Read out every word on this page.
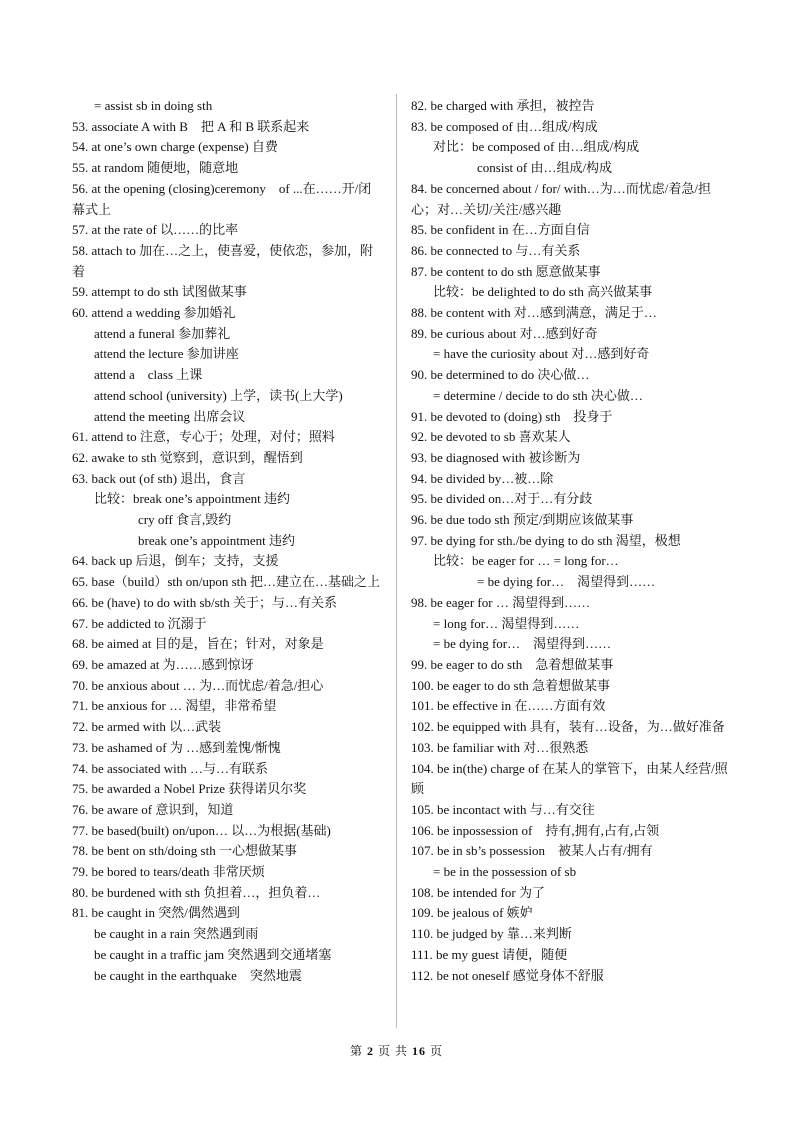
= assist sb in doing sth
53. associate A with B　把 A 和 B 联系起来
54. at one’s own charge (expense) 自费
55. at random 随便地，随意地
56. at the opening (closing)ceremony　of ...在……开/闭幕式上
57. at the rate of 以……的比率
58. attach to 加在…之上，使喜爱，使依恋，参加，附着
59. attempt to do sth 试图做某事
60. attend a wedding 参加婚礼
attend a funeral 参加葬礼
attend the lecture 参加讲座
attend a　class 上课
attend school (university) 上学，读书(上大学)
attend the meeting 出席会议
61. attend to 注意，专心于；处理，对付；照料
62. awake to sth 觉察到，意识到，醒悟到
63. back out (of sth) 退出，食言
比较：break one’s appointment 违约
cry off 食言,毁约
break one’s appointment 违约
64. back up 后退，倒车；支持，支援
65. base（build）sth on/upon sth 把…建立在…基础之上
66. be (have) to do with sb/sth 关于；与…有关系
67. be addicted to 沉溺于
68. be aimed at 目的是，旨在；针对，对象是
69. be amazed at 为……感到惊讶
70. be anxious about … 为…而忧虑/着急/担心
71. be anxious for … 渴望，非常希望
72. be armed with 以…武装
73. be ashamed of 为 …感到羞愧/惭愧
74. be associated with …与…有联系
75. be awarded a Nobel Prize 获得诺贝尔奖
76. be aware of 意识到，知道
77. be based(built) on/upon… 以…为根据(基础)
78. be bent on sth/doing sth 一心想做某事
79. be bored to tears/death 非常厌烦
80. be burdened with sth 负担着…，担负着…
81. be caught in 突然/偶然遇到
be caught in a rain 突然遇到雨
be caught in a traffic jam 突然遇到交通堵塞
be caught in the earthquake　突然地震
82. be charged with 承担，被控告
83. be composed of 由…组成/构成
对比：be composed of 由…组成/构成
consist of 由…组成/构成
84. be concerned about / for/ with…为…而忧虑/着急/担心；对…关切/关注/感兴趣
85. be confident in 在…方面自信
86. be connected to 与…有关系
87. be content to do sth 愿意做某事
比较：be delighted to do sth 高兴做某事
88. be content with 对…感到满意，满足于…
89. be curious about 对…感到好奇
= have the curiosity about 对…感到好奇
90. be determined to do 决心做…
= determine / decide to do sth 决心做…
91. be devoted to (doing) sth　投身于
92. be devoted to sb 喜欢某人
93. be diagnosed with 被诊断为
94. be divided by…被…除
95. be divided on…对于…有分歧
96. be due todo sth 预定/到期应该做某事
97. be dying for sth./be dying to do sth 渴望，极想
比较：be eager for … = long for…
= be dying for…　渴望得到……
98. be eager for … 渴望得到……
= long for… 渴望得到……
= be dying for…　渴望得到……
99. be eager to do sth　急着想做某事
100. be eager to do sth 急着想做某事
101. be effective in 在……方面有效
102. be equipped with 具有，装有…设备，为…做好准备
103. be familiar with 对…很熟悉
104. be in(the) charge of 在某人的掌管下，由某人经营/照顾
105. be incontact with 与…有交往
106. be inpossession of　持有,拥有,占有,占领
107. be in sb’s possession　被某人占有/拥有
= be in the possession of sb
108. be intended for 为了
109. be jealous of 嫉妒
110. be judged by 靠…来判断
111. be my guest 请便，随便
112. be not oneself 感觉身体不舒服
第 2 页 共 16 页
